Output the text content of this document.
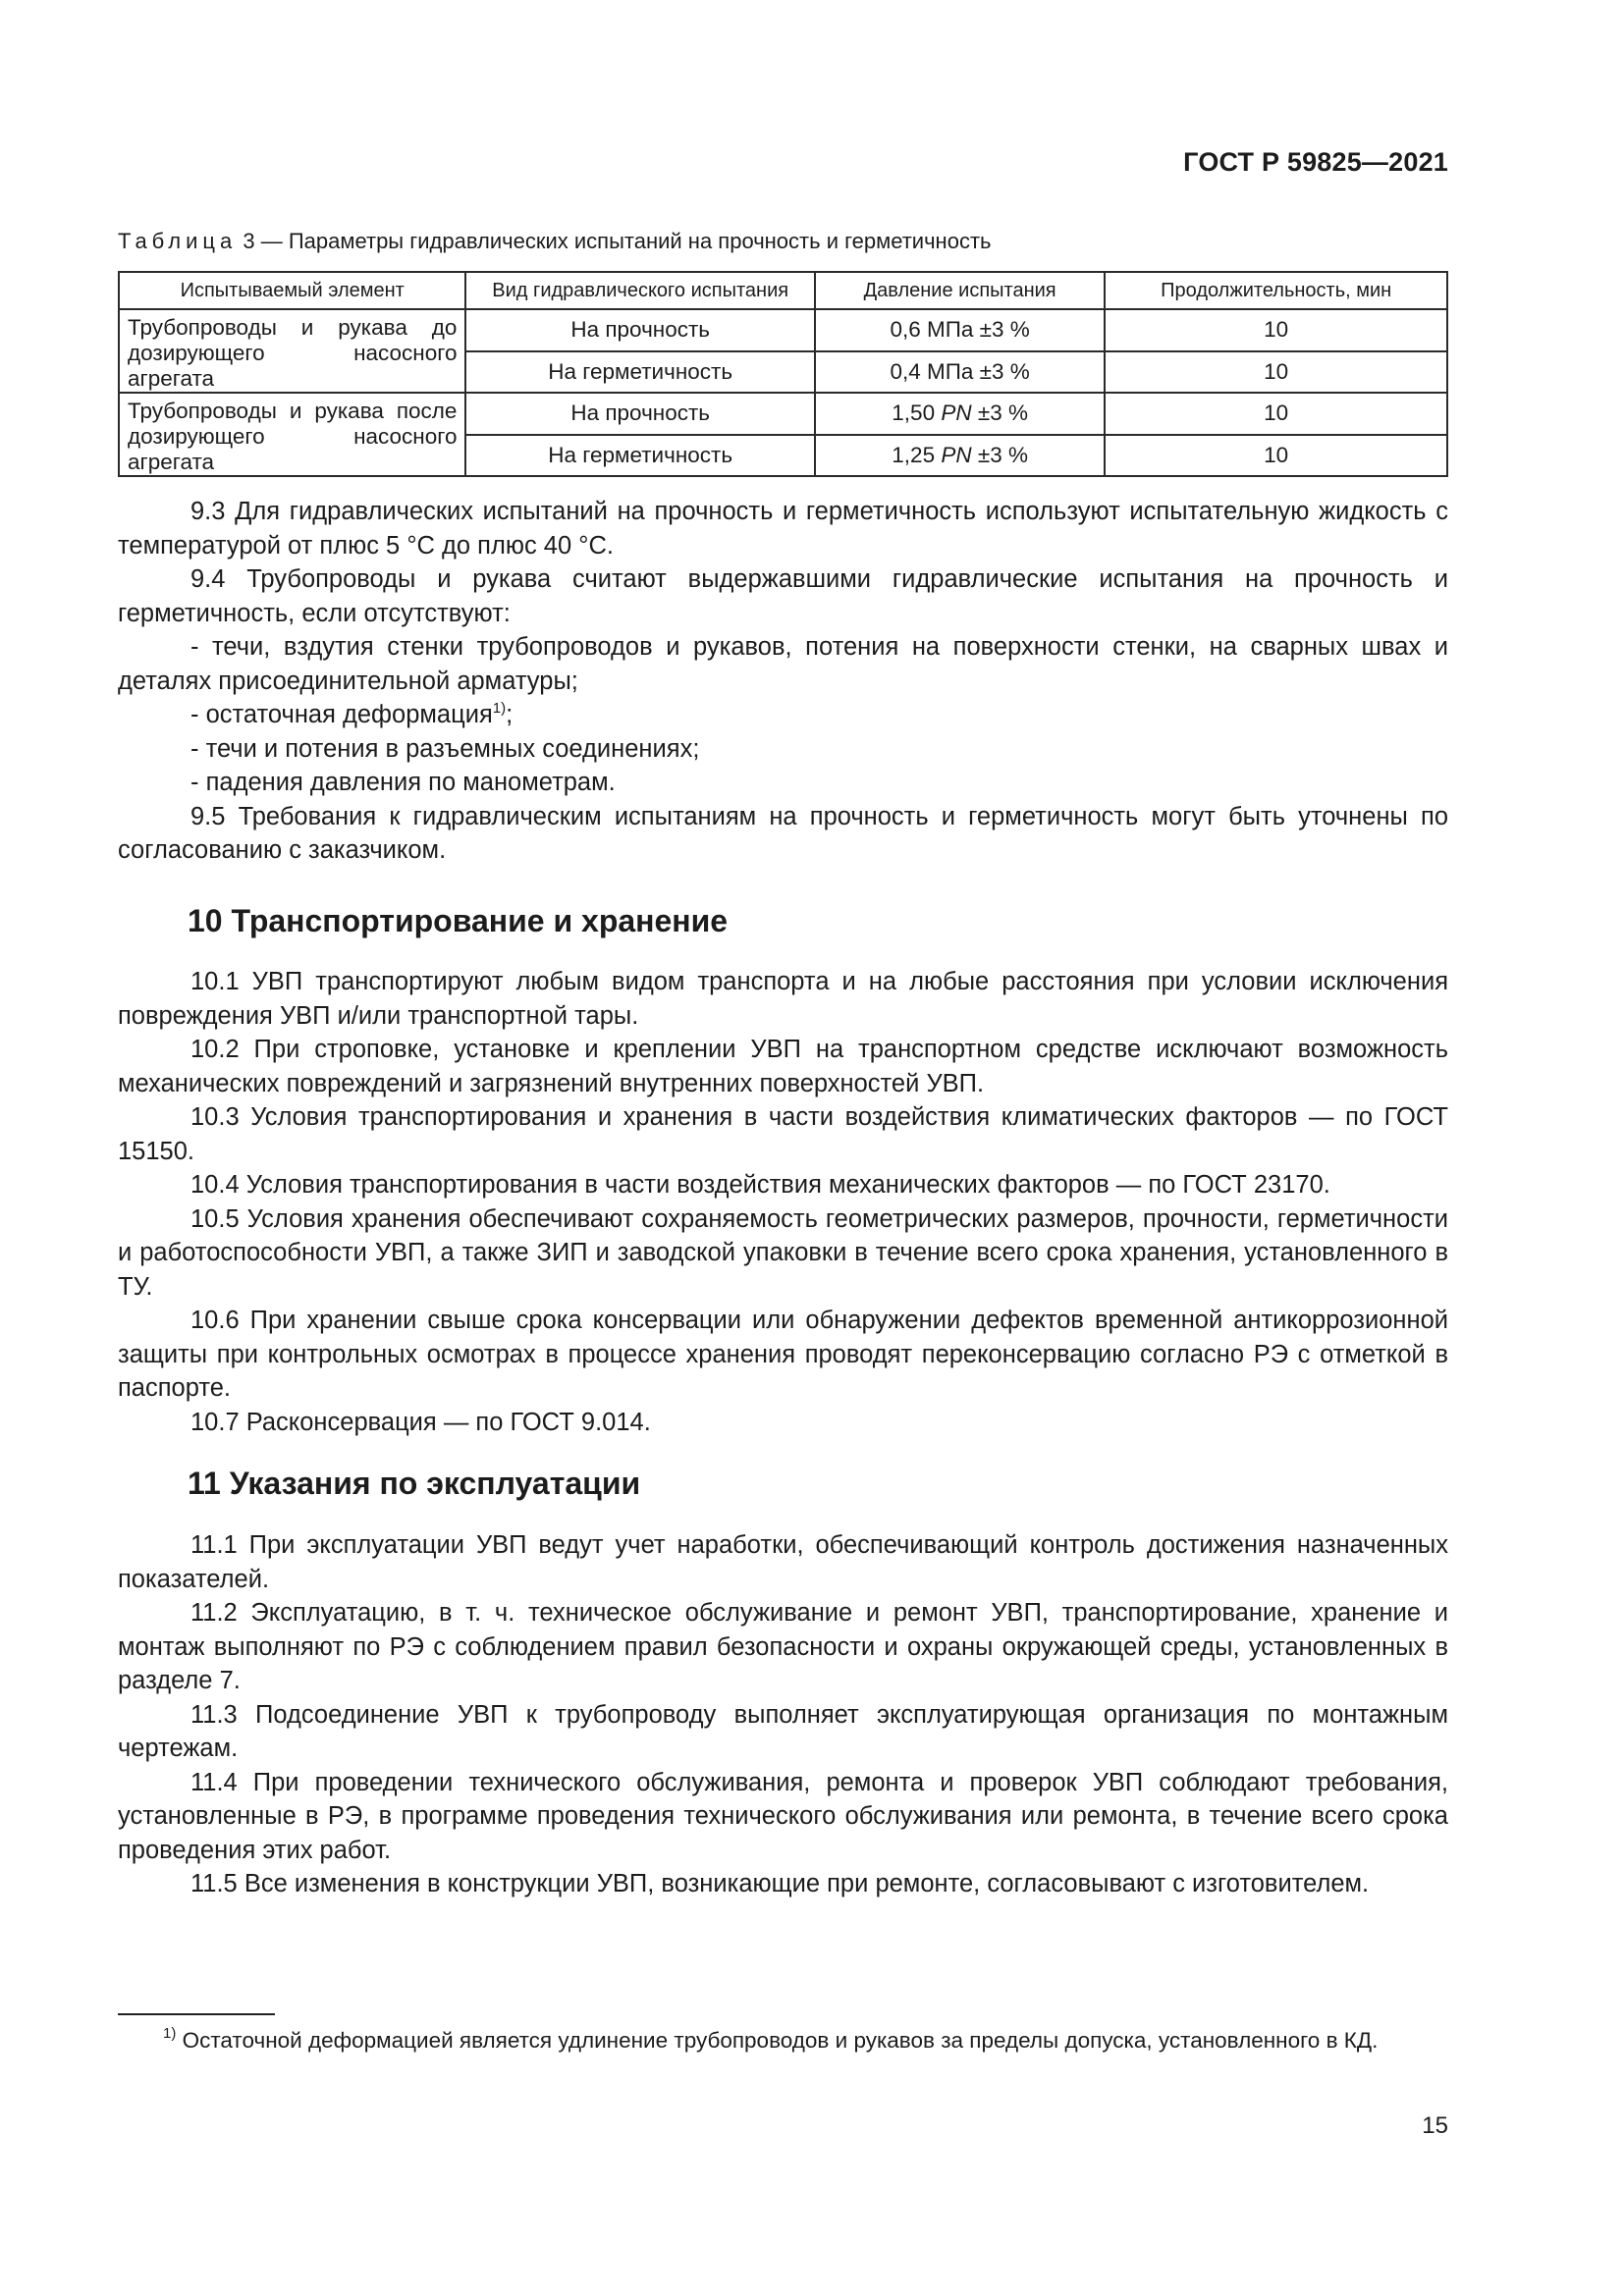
ГОСТ Р 59825—2021
Таблица 3 — Параметры гидравлических испытаний на прочность и герметичность
Испытываемый элемент	Вид гидравлического испытания	Давление испытания	Продолжительность, мин
Трубопроводы и рукава до дозирующего насосного агрегата	На прочность	0,6 МПа ±3 %	10
	На герметичность	0,4 МПа ±3 %	10
Трубопроводы и рукава после дозирующего насосного агрегата	На прочность	1,50 PN ±3 %	10
	На герметичность	1,25 PN ±3 %	10

9.3 Для гидравлических испытаний на прочность и герметичность используют испытательную жидкость с температурой от плюс 5 °С до плюс 40 °С.

9.4 Трубопроводы и рукава считают выдержавшими гидравлические испытания на прочность и герметичность, если отсутствуют:

- течи, вздутия стенки трубопроводов и рукавов, потения на поверхности стенки, на сварных швах и деталях присоединительной арматуры;

- остаточная деформация$^{1)}$;

- течи и потения в разъемных соединениях;

- падения давления по манометрам.

9.5 Требования к гидравлическим испытаниям на прочность и герметичность могут быть уточнены по согласованию с заказчиком.

10 Транспортирование и хранение

10.1 УВП транспортируют любым видом транспорта и на любые расстояния при условии исключения повреждения УВП и/или транспортной тары.

10.2 При строповке, установке и креплении УВП на транспортном средстве исключают возможность механических повреждений и загрязнений внутренних поверхностей УВП.

10.3 Условия транспортирования и хранения в части воздействия климатических факторов — по ГОСТ 15150.

10.4 Условия транспортирования в части воздействия механических факторов — по ГОСТ 23170.

10.5 Условия хранения обеспечивают сохраняемость геометрических размеров, прочности, герметичности и работоспособности УВП, а также ЗИП и заводской упаковки в течение всего срока хранения, установленного в ТУ.

10.6 При хранении свыше срока консервации или обнаружении дефектов временной антикоррозионной защиты при контрольных осмотрах в процессе хранения проводят переконсервацию согласно РЭ с отметкой в паспорте.

10.7 Расконсервация — по ГОСТ 9.014.

11 Указания по эксплуатации

11.1 При эксплуатации УВП ведут учет наработки, обеспечивающий контроль достижения назначенных показателей.

11.2 Эксплуатацию, в т. ч. техническое обслуживание и ремонт УВП, транспортирование, хранение и монтаж выполняют по РЭ с соблюдением правил безопасности и охраны окружающей среды, установленных в разделе 7.

11.3 Подсоединение УВП к трубопроводу выполняет эксплуатирующая организация по монтажным чертежам.

11.4 При проведении технического обслуживания, ремонта и проверок УВП соблюдают требования, установленные в РЭ, в программе проведения технического обслуживания или ремонта, в течение всего срока проведения этих работ.

11.5 Все изменения в конструкции УВП, возникающие при ремонте, согласовывают с изготовителем.

$^{1)}$ Остаточной деформацией является удлинение трубопроводов и рукавов за пределы допуска, установленного в КД.
15
